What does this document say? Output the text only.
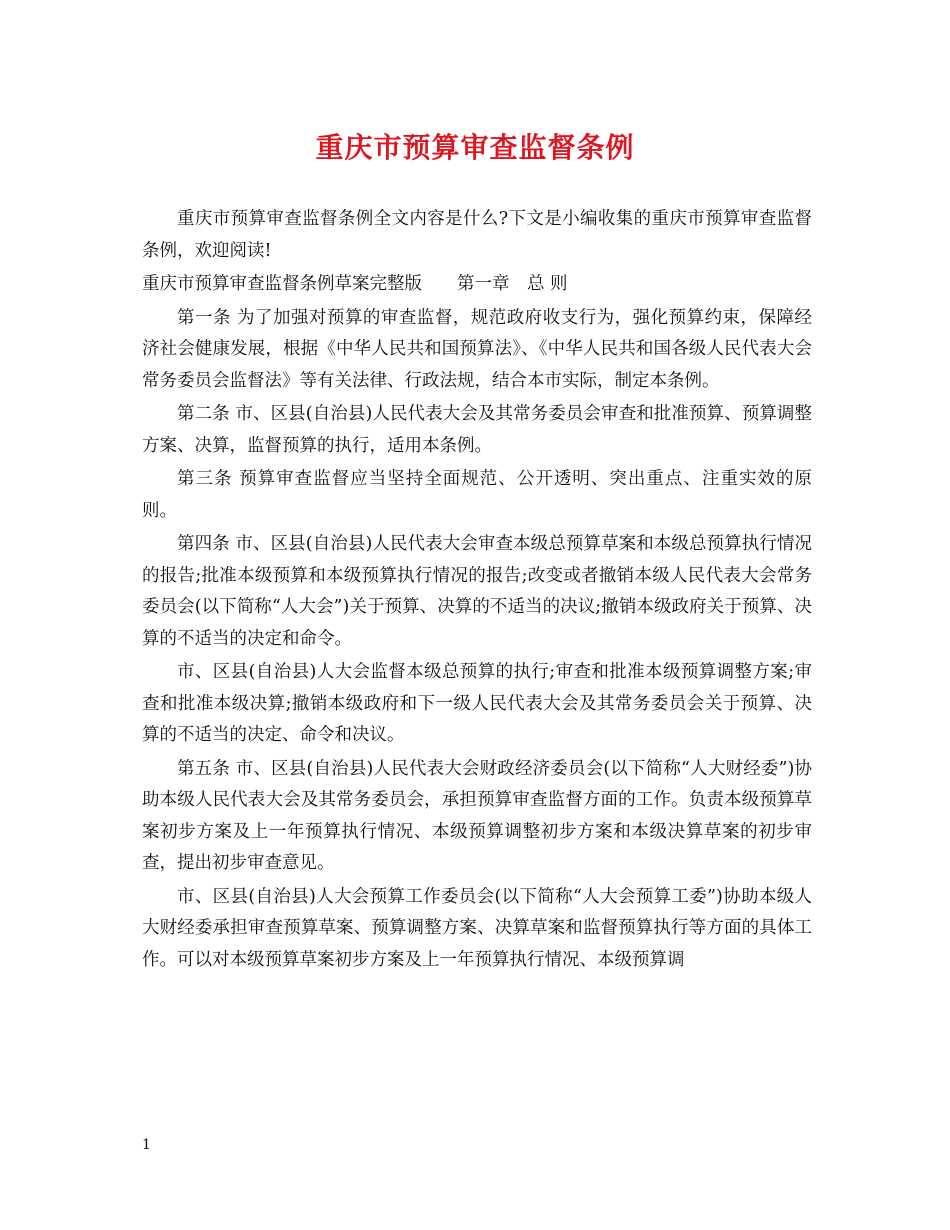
重庆市预算审查监督条例

重庆市预算审查监督条例全文内容是什么?下文是小编收集的重庆市预算审查监督条例，欢迎阅读!

重庆市预算审查监督条例草案完整版　　第一章　总 则

第一条 为了加强对预算的审查监督，规范政府收支行为，强化预算约束，保障经济社会健康发展，根据《中华人民共和国预算法》、《中华人民共和国各级人民代表大会常务委员会监督法》等有关法律、行政法规，结合本市实际，制定本条例。

第二条 市、区县(自治县)人民代表大会及其常务委员会审查和批准预算、预算调整方案、决算，监督预算的执行，适用本条例。

第三条 预算审查监督应当坚持全面规范、公开透明、突出重点、注重实效的原则。

第四条 市、区县(自治县)人民代表大会审查本级总预算草案和本级总预算执行情况的报告;批准本级预算和本级预算执行情况的报告;改变或者撤销本级人民代表大会常务委员会(以下简称“人大会”)关于预算、决算的不适当的决议;撤销本级政府关于预算、决算的不适当的决定和命令。

市、区县(自治县)人大会监督本级总预算的执行;审查和批准本级预算调整方案;审查和批准本级决算;撤销本级政府和下一级人民代表大会及其常务委员会关于预算、决算的不适当的决定、命令和决议。

第五条 市、区县(自治县)人民代表大会财政经济委员会(以下简称“人大财经委”)协助本级人民代表大会及其常务委员会，承担预算审查监督方面的工作。负责本级预算草案初步方案及上一年预算执行情况、本级预算调整初步方案和本级决算草案的初步审查，提出初步审查意见。

市、区县(自治县)人大会预算工作委员会(以下简称“人大会预算工委”)协助本级人大财经委承担审查预算草案、预算调整方案、决算草案和监督预算执行等方面的具体工作。可以对本级预算草案初步方案及上一年预算执行情况、本级预算调

1
